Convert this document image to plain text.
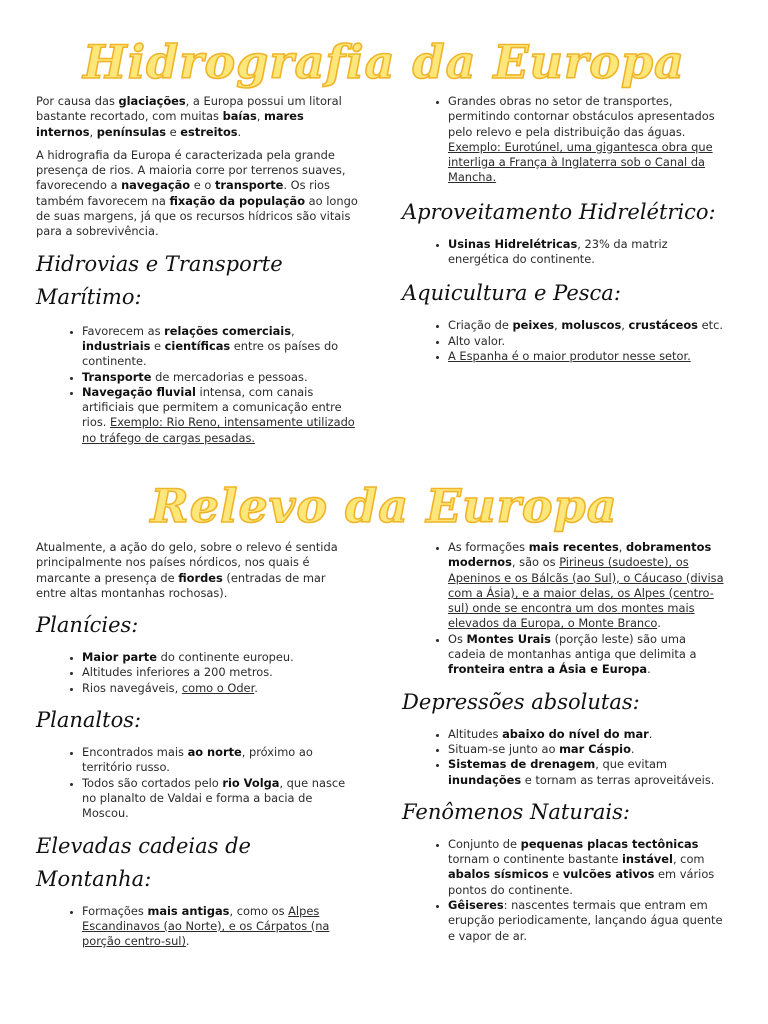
Hidrografia da Europa

Por causa das glaciações, a Europa possui um litoral bastante recortado, com muitas baías, mares internos, penínsulas e estreitos.

A hidrografia da Europa é caracterizada pela grande presença de rios. A maioria corre por terrenos suaves, favorecendo a navegação e o transporte. Os rios também favorecem na fixação da população ao longo de suas margens, já que os recursos hídricos são vitais para a sobrevivência.

Hidrovias e Transporte Marítimo:
• Favorecem as relações comerciais, industriais e científicas entre os países do continente.
• Transporte de mercadorias e pessoas.
• Navegação fluvial intensa, com canais artificiais que permitem a comunicação entre rios. Exemplo: Rio Reno, intensamente utilizado no tráfego de cargas pesadas.
• Grandes obras no setor de transportes, permitindo contornar obstáculos apresentados pelo relevo e pela distribuição das águas. Exemplo: Eurotúnel, uma gigantesca obra que interliga a França à Inglaterra sob o Canal da Mancha.
Aproveitamento Hidrelétrico:
• Usinas Hidrelétricas, 23% da matriz energética do continente.
Aquicultura e Pesca:
• Criação de peixes, moluscos, crustáceos etc.
• Alto valor.
• A Espanha é o maior produtor nesse setor.
Relevo da Europa

Atualmente, a ação do gelo, sobre o relevo é sentida principalmente nos países nórdicos, nos quais é marcante a presença de fiordes (entradas de mar entre altas montanhas rochosas).

Planícies:
• Maior parte do continente europeu.
• Altitudes inferiores a 200 metros.
• Rios navegáveis, como o Oder.
Planaltos:
• Encontrados mais ao norte, próximo ao território russo.
• Todos são cortados pelo rio Volga, que nasce no planalto de Valdai e forma a bacia de Moscou.
Elevadas cadeias de Montanha:
• Formações mais antigas, como os Alpes Escandinavos (ao Norte), e os Cárpatos (na porção centro-sul).
• As formações mais recentes, dobramentos modernos, são os Pirineus (sudoeste), os Apeninos e os Bálcãs (ao Sul), o Cáucaso (divisa com a Ásia), e a maior delas, os Alpes (centro-sul) onde se encontra um dos montes mais elevados da Europa, o Monte Branco.
• Os Montes Urais (porção leste) são uma cadeia de montanhas antiga que delimita a fronteira entra a Ásia e Europa.
Depressões absolutas:
• Altitudes abaixo do nível do mar.
• Situam-se junto ao mar Cáspio.
• Sistemas de drenagem, que evitam inundações e tornam as terras aproveitáveis.
Fenômenos Naturais:
• Conjunto de pequenas placas tectônicas tornam o continente bastante instável, com abalos sísmicos e vulcões ativos em vários pontos do continente.
• Gêiseres: nascentes termais que entram em erupção periodicamente, lançando água quente e vapor de ar.
